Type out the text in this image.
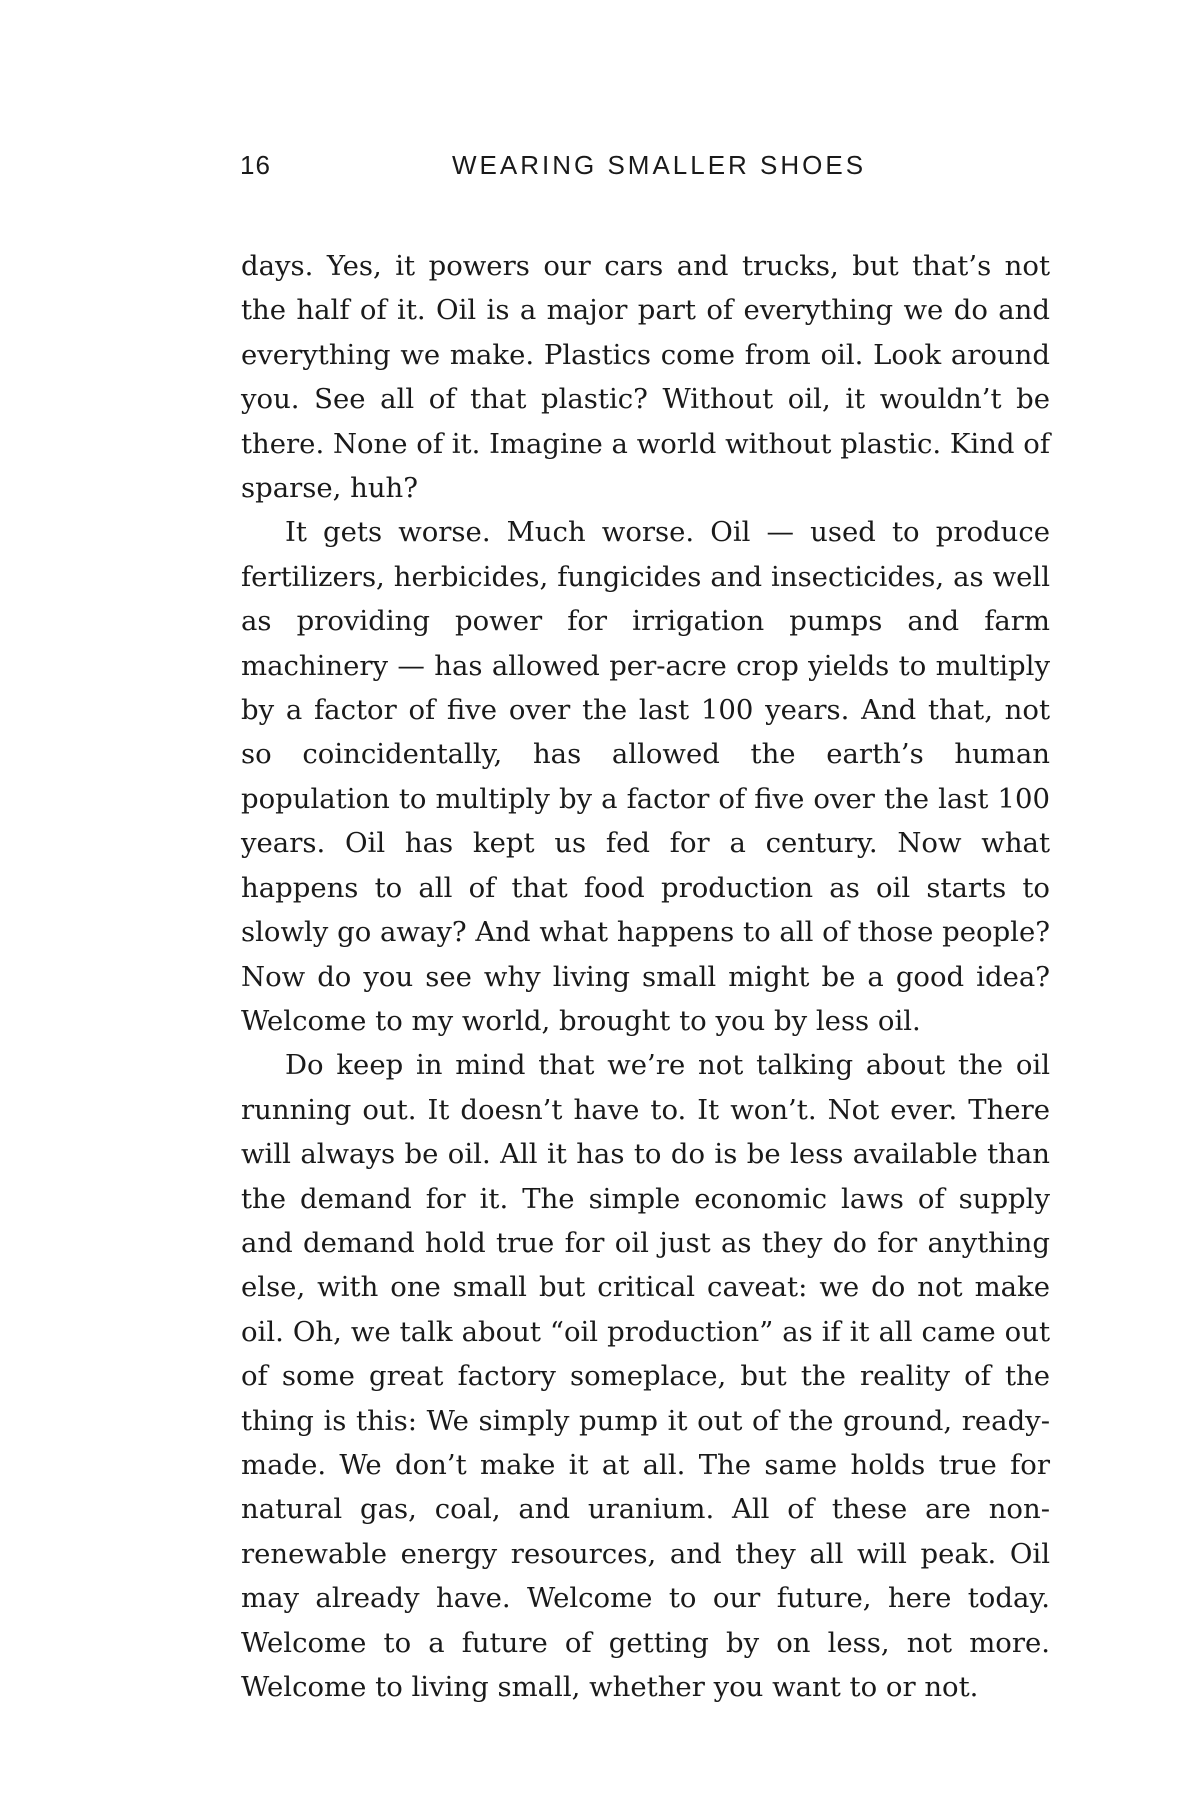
16	WEARING SMALLER SHOES

days. Yes, it powers our cars and trucks, but that’s not the half of it. Oil is a major part of everything we do and everything we make. Plastics come from oil. Look around you. See all of that plastic? Without oil, it wouldn’t be there. None of it. Imagine a world without plastic. Kind of sparse, huh?

It gets worse. Much worse. Oil — used to produce fertilizers, herbicides, fungicides and insecticides, as well as providing power for irrigation pumps and farm machinery — has allowed per-acre crop yields to multiply by a factor of five over the last 100 years. And that, not so coincidentally, has allowed the earth’s human population to multiply by a factor of five over the last 100 years. Oil has kept us fed for a century. Now what happens to all of that food production as oil starts to slowly go away? And what happens to all of those people? Now do you see why living small might be a good idea? Welcome to my world, brought to you by less oil.

Do keep in mind that we’re not talking about the oil running out. It doesn’t have to. It won’t. Not ever. There will always be oil. All it has to do is be less available than the demand for it. The simple economic laws of supply and demand hold true for oil just as they do for anything else, with one small but critical caveat: we do not make oil. Oh, we talk about “oil production” as if it all came out of some great factory someplace, but the reality of the thing is this: We simply pump it out of the ground, ready-made. We don’t make it at all. The same holds true for natural gas, coal, and uranium. All of these are non-renewable energy resources, and they all will peak. Oil may already have. Welcome to our future, here today. Welcome to a future of getting by on less, not more. Welcome to living small, whether you want to or not.
